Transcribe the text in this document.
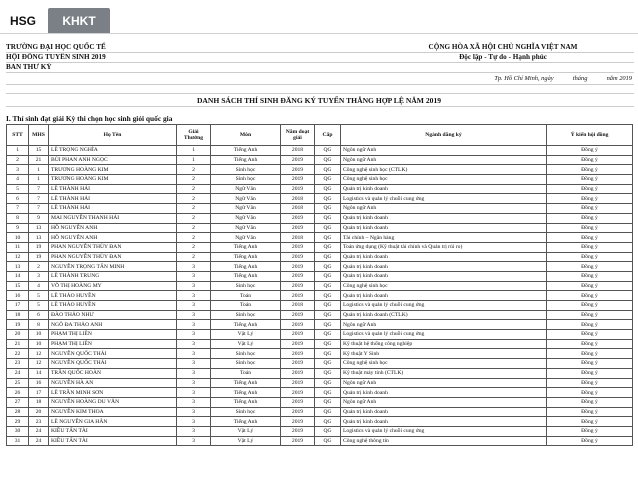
HSG	KHKT
TRƯỜNG ĐẠI HỌC QUỐC TẾ
HỘI ĐỒNG TUYỂN SINH 2019
BAN THƯ KÝ
CỘNG HÒA XÃ HỘI CHỦ NGHĨA VIỆT NAM
Độc lập - Tự do - Hạnh phúc
Tp. Hồ Chí Minh, ngày	tháng	năm 2019
DANH SÁCH THÍ SINH ĐĂNG KÝ TUYỂN THẲNG HỢP LỆ NĂM 2019
I. Thí sinh đạt giải Kỳ thi chọn học sinh giỏi quốc gia
STT	MHS	Họ Tên	Giải Thưởng	Môn	Năm đoạt giải	Cấp	Ngành đăng ký	Ý kiến hội đồng
1	15	LÊ TRỌNG NGHĨA	1	Tiếng Anh	2018	QG	Ngôn ngữ Anh	Đồng ý
2	21	BÙI PHAN ANH NGỌC	1	Tiếng Anh	2019	QG	Ngôn ngữ Anh	Đồng ý
3	1	TRƯƠNG HOÀNG KIM	2	Sinh học	2019	QG	Công nghệ sinh học (CTLK)	Đồng ý
4	1	TRƯƠNG HOÀNG KIM	2	Sinh học	2019	QG	Công nghệ sinh học	Đồng ý
5	7	LÊ THÀNH HẢI	2	Ngữ Văn	2019	QG	Quản trị kinh doanh	Đồng ý
6	7	LÊ THÀNH HẢI	2	Ngữ Văn	2018	QG	Logistics và quản lý chuỗi cung ứng	Đồng ý
7	7	LÊ THÀNH HẢI	2	Ngữ Văn	2018	QG	Ngôn ngữ Anh	Đồng ý
8	9	MAI NGUYỄN THANH HẢI	2	Ngữ Văn	2019	QG	Quản trị kinh doanh	Đồng ý
9	13	HỒ NGUYỄN ANH	2	Ngữ Văn	2019	QG	Quản trị kinh doanh	Đồng ý
10	13	HỒ NGUYỄN ANH	2	Ngữ Văn	2018	QG	Tài chính – Ngân hàng	Đồng ý
11	19	PHAN NGUYỄN THÙY ĐAN	2	Tiếng Anh	2019	QG	Toán ứng dụng (Kỹ thuật tài chính và Quản trị rủi ro)	Đồng ý
12	19	PHAN NGUYỄN THÙY ĐAN	2	Tiếng Anh	2019	QG	Quản trị kinh doanh	Đồng ý
13	2	NGUYỄN TRỌNG TẤN MINH	3	Tiếng Anh	2019	QG	Quản trị kinh doanh	Đồng ý
14	3	LÊ THÀNH TRUNG	3	Tiếng Anh	2019	QG	Quản trị kinh doanh	Đồng ý
15	4	VÕ THỊ HOÀNG MY	3	Sinh học	2019	QG	Công nghệ sinh học	Đồng ý
16	5	LÊ THẢO HUYỀN	3	Toán	2019	QG	Quản trị kinh doanh	Đồng ý
17	5	LÊ THẢO HUYỀN	3	Toán	2018	QG	Logistics và quản lý chuỗi cung ứng	Đồng ý
18	6	ĐÀO THẢO NHƯ	3	Sinh học	2019	QG	Quản trị kinh doanh (CTLK)	Đồng ý
19	8	NGÔ ĐA THẢO ANH	3	Tiếng Anh	2019	QG	Ngôn ngữ Anh	Đồng ý
20	10	PHẠM THỊ LIÊN	3	Vật Lý	2019	QG	Logistics và quản lý chuỗi cung ứng	Đồng ý
21	10	PHẠM THỊ LIÊN	3	Vật Lý	2019	QG	Kỹ thuật hệ thống công nghiệp	Đồng ý
22	12	NGUYỄN QUỐC THÁI	3	Sinh học	2019	QG	Kỹ thuật Y Sinh	Đồng ý
23	12	NGUYỄN QUỐC THÁI	3	Sinh học	2019	QG	Công nghệ sinh học	Đồng ý
24	14	TRẦN QUỐC HOÀN	3	Toán	2019	QG	Kỹ thuật máy tính (CTLK)	Đồng ý
25	16	NGUYỄN HÀ AN	3	Tiếng Anh	2019	QG	Ngôn ngữ Anh	Đồng ý
26	17	LÊ TRẦN MINH SƠN	3	Tiếng Anh	2019	QG	Quản trị kinh doanh	Đồng ý
27	18	NGUYỄN HOÀNG DU VĂN	3	Tiếng Anh	2019	QG	Ngôn ngữ Anh	Đồng ý
28	20	NGUYỄN KIM THOA	3	Sinh học	2019	QG	Quản trị kinh doanh	Đồng ý
29	23	LÊ NGUYỄN GIA HÂN	3	Tiếng Anh	2019	QG	Quản trị kinh doanh	Đồng ý
30	24	KIỀU TẤN TÀI	3	Vật Lý	2019	QG	Logistics và quản lý chuỗi cung ứng	Đồng ý
31	24	KIỀU TẤN TÀI	3	Vật Lý	2019	QG	Công nghệ thông tin	Đồng ý
